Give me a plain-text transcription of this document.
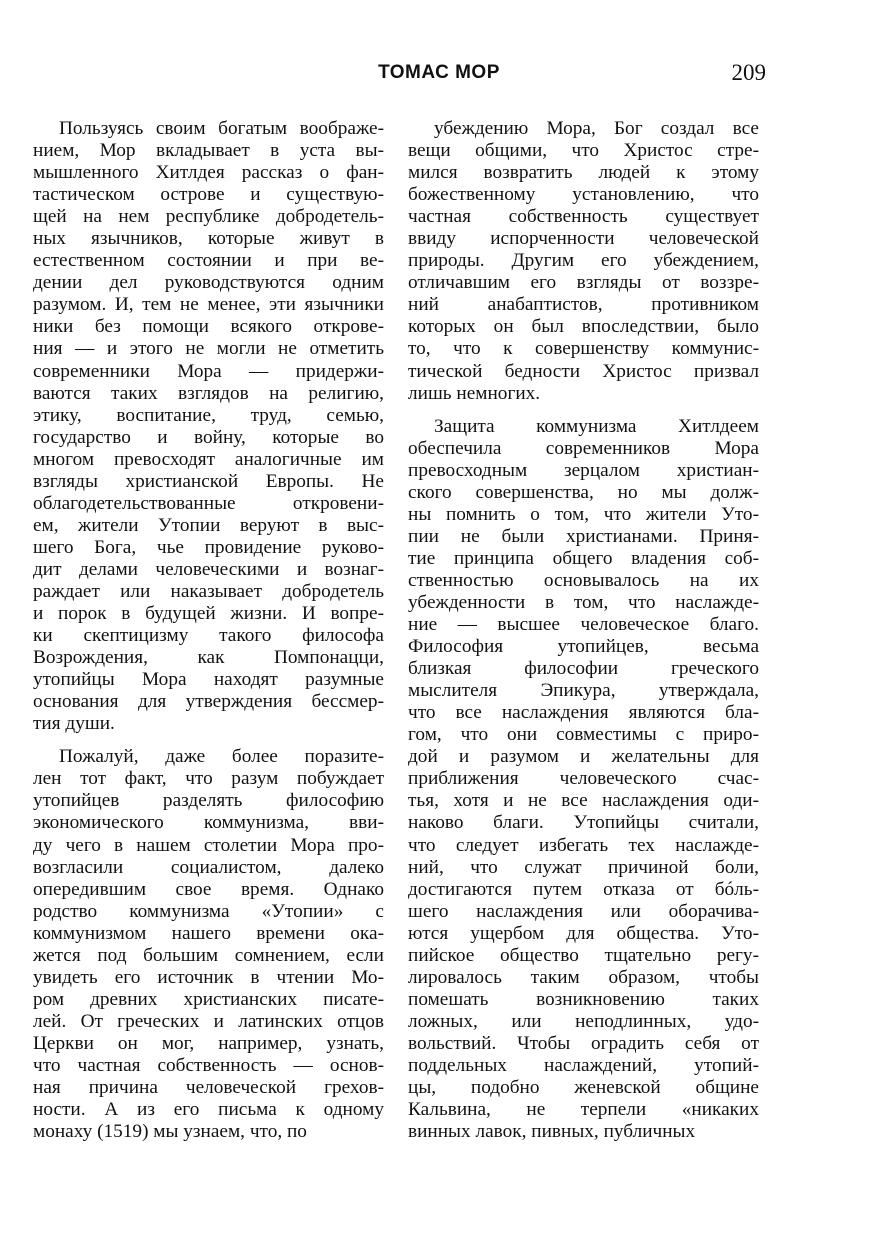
ТОМАС МОР	209
Пользуясь своим богатым воображе-
нием, Мор вкладывает в уста вы-
мышленного Хитлдея рассказ о фан-
тастическом острове и существую-
щей на нем республике добродетель-
ных язычников, которые живут в
естественном состоянии и при ве-
дении дел руководствуются одним
разумом. И, тем не менее, эти язычники
ники без помощи всякого открове-
ния — и этого не могли не отметить
современники Мора — придержи-
ваются таких взглядов на религию,
этику, воспитание, труд, семью,
государство и войну, которые во
многом превосходят аналогичные им
взгляды христианской Европы. Не
облагодетельствованные откровени-
ем, жители Утопии веруют в выс-
шего Бога, чье провидение руково-
дит делами человеческими и вознаг-
раждает или наказывает добродетель
и порок в будущей жизни. И вопре-
ки скептицизму такого философа
Возрождения, как Помпонацци,
утопийцы Мора находят разумные
основания для утверждения бессмер-
тия души.
Пожалуй, даже более поразите-
лен тот факт, что разум побуждает
утопийцев разделять философию
экономического коммунизма, вви-
ду чего в нашем столетии Мора про-
возгласили социалистом, далеко
опередившим свое время. Однако
родство коммунизма «Утопии» с
коммунизмом нашего времени ока-
жется под большим сомнением, если
увидеть его источник в чтении Мо-
ром древних христианских писате-
лей. От греческих и латинских отцов
Церкви он мог, например, узнать,
что частная собственность — основ-
ная причина человеческой грехов-
ности. А из его письма к одному
монаху (1519) мы узнаем, что, по
убеждению Мора, Бог создал все
вещи общими, что Христос стре-
мился возвратить людей к этому
божественному установлению, что
частная собственность существует
ввиду испорченности человеческой
природы. Другим его убеждением,
отличавшим его взгляды от воззре-
ний анабаптистов, противником
которых он был впоследствии, было
то, что к совершенству коммунис-
тической бедности Христос призвал
лишь немногих.
Защита коммунизма Хитлдеем
обеспечила современников Мора
превосходным зерцалом христиан-
ского совершенства, но мы долж-
ны помнить о том, что жители Уто-
пии не были христианами. Приня-
тие принципа общего владения соб-
ственностью основывалось на их
убежденности в том, что наслажде-
ние — высшее человеческое благо.
Философия утопийцев, весьма
близкая философии греческого
мыслителя Эпикура, утверждала,
что все наслаждения являются бла-
гом, что они совместимы с приро-
дой и разумом и желательны для
приближения человеческого счас-
тья, хотя и не все наслаждения оди-
наково благи. Утопийцы считали,
что следует избегать тех наслажде-
ний, что служат причиной боли,
достигаются путем отказа от бóль-
шего наслаждения или оборачива-
ются ущербом для общества. Уто-
пийское общество тщательно регу-
лировалось таким образом, чтобы
помешать возникновению таких
ложных, или неподлинных, удо-
вольствий. Чтобы оградить себя от
поддельных наслаждений, утопий-
цы, подобно женевской общине
Кальвина, не терпели «никаких
винных лавок, пивных, публичных
